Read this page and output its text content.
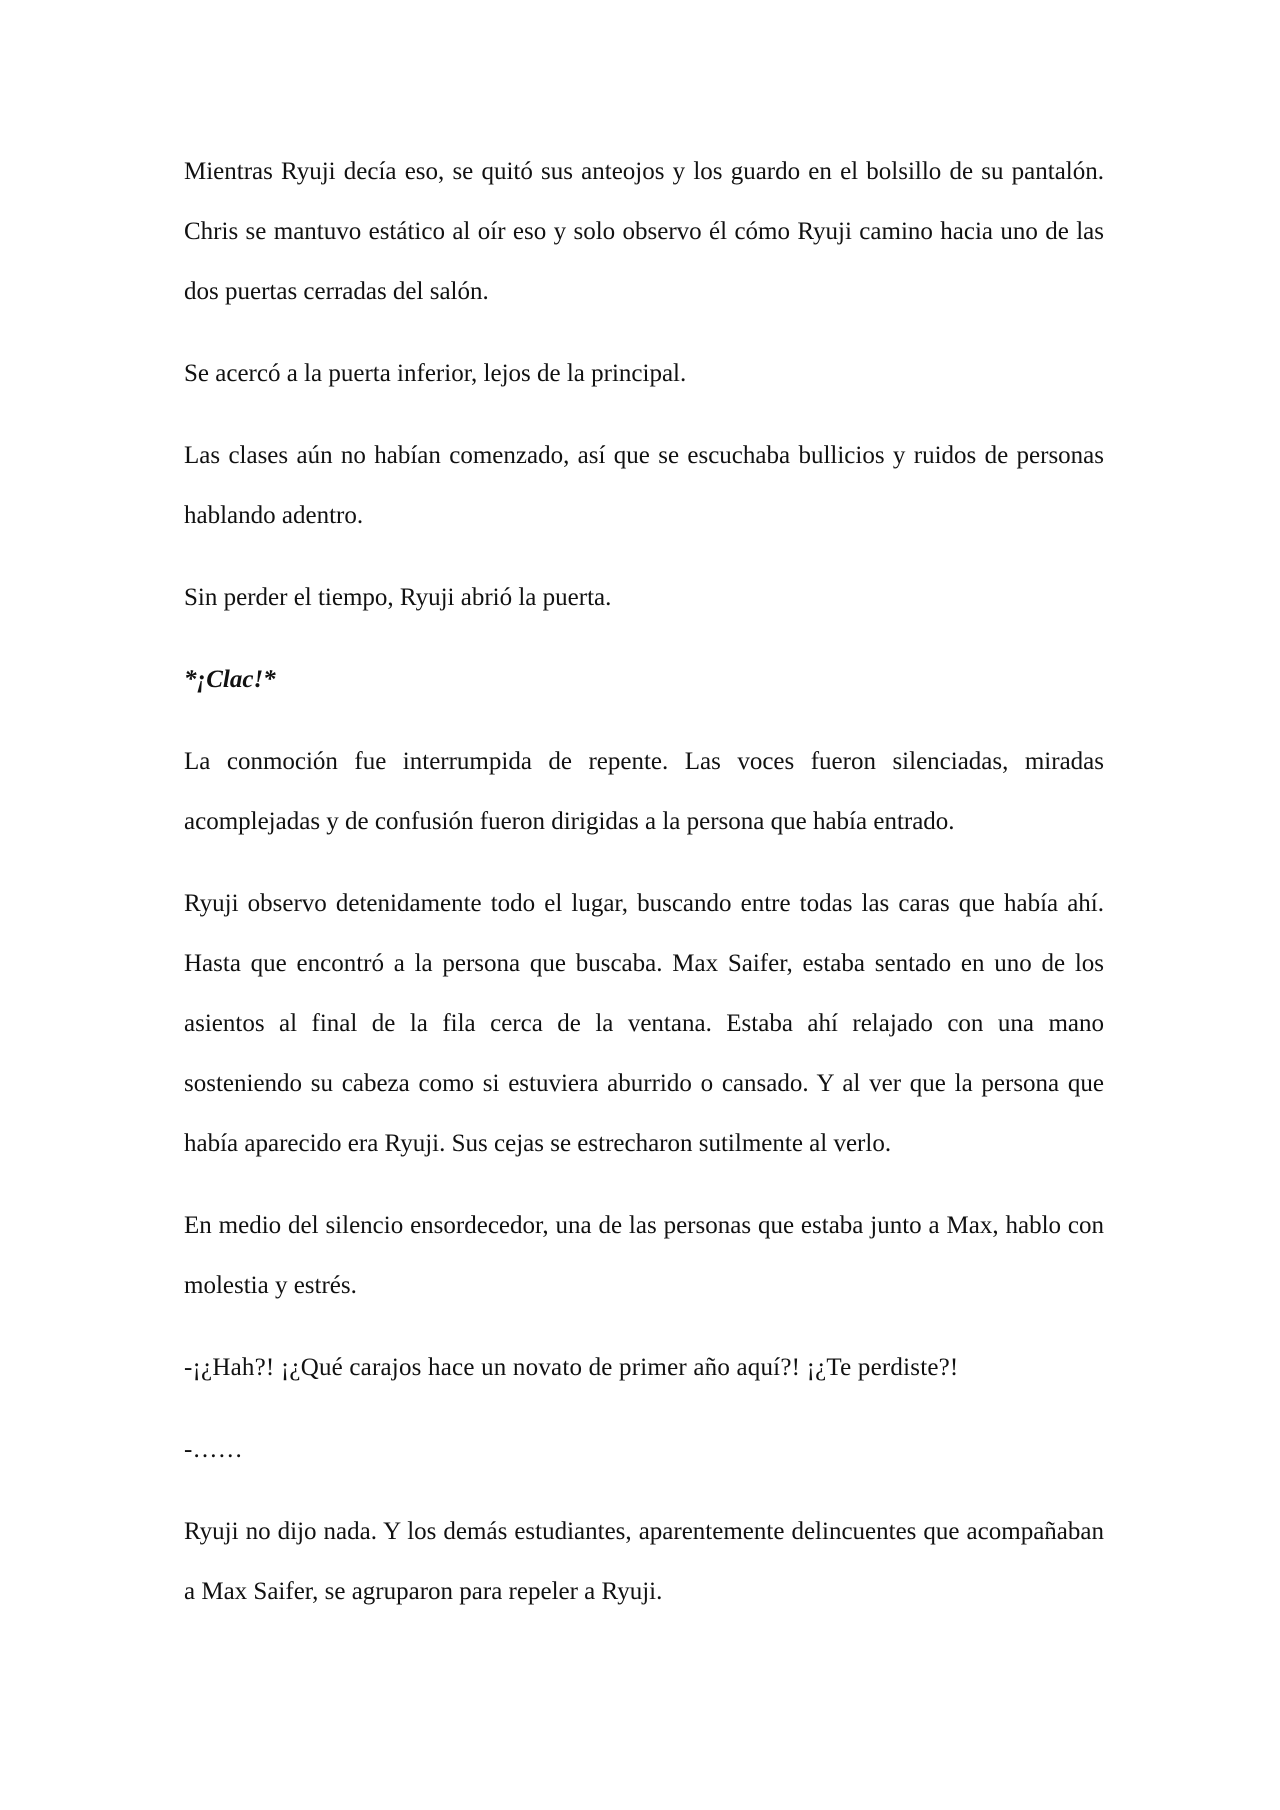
Mientras Ryuji decía eso, se quitó sus anteojos y los guardo en el bolsillo de su pantalón. Chris se mantuvo estático al oír eso y solo observo él cómo Ryuji camino hacia uno de las dos puertas cerradas del salón.

Se acercó a la puerta inferior, lejos de la principal.

Las clases aún no habían comenzado, así que se escuchaba bullicios y ruidos de personas hablando adentro.

Sin perder el tiempo, Ryuji abrió la puerta.

*¡Clac!*

La conmoción fue interrumpida de repente. Las voces fueron silenciadas, miradas acomplejadas y de confusión fueron dirigidas a la persona que había entrado.

Ryuji observo detenidamente todo el lugar, buscando entre todas las caras que había ahí. Hasta que encontró a la persona que buscaba. Max Saifer, estaba sentado en uno de los asientos al final de la fila cerca de la ventana. Estaba ahí relajado con una mano sosteniendo su cabeza como si estuviera aburrido o cansado. Y al ver que la persona que había aparecido era Ryuji. Sus cejas se estrecharon sutilmente al verlo.

En medio del silencio ensordecedor, una de las personas que estaba junto a Max, hablo con molestia y estrés.

-¡¿Hah?! ¡¿Qué carajos hace un novato de primer año aquí?! ¡¿Te perdiste?!

-……

Ryuji no dijo nada. Y los demás estudiantes, aparentemente delincuentes que acompañaban a Max Saifer, se agruparon para repeler a Ryuji.
